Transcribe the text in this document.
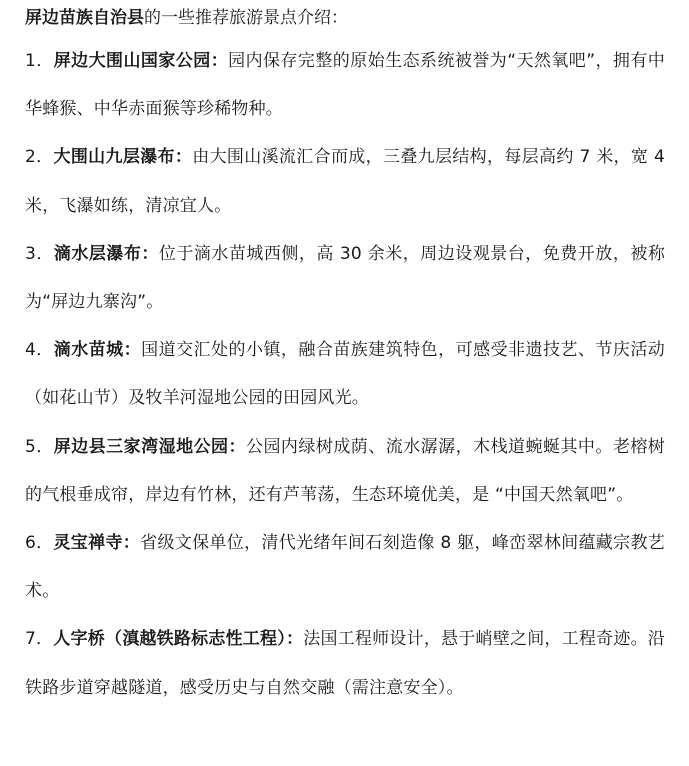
屏边苗族自治县的一些推荐旅游景点介绍：

1．屏边大围山国家公园：园内保存完整的原始生态系统被誉为“天然氧吧”，拥有中华蜂猴、中华赤面猴等珍稀物种。

2．大围山九层瀑布：由大围山溪流汇合而成，三叠九层结构，每层高约 7 米，宽 4 米，飞瀑如练，清凉宜人。

3．滴水层瀑布：位于滴水苗城西侧，高 30 余米，周边设观景台，免费开放，被称为“屏边九寨沟”。

4．滴水苗城：国道交汇处的小镇，融合苗族建筑特色，可感受非遗技艺、节庆活动（如花山节）及牧羊河湿地公园的田园风光。

5．屏边县三家湾湿地公园：公园内绿树成荫、流水潺潺，木栈道蜿蜒其中。老榕树的气根垂成帘，岸边有竹林，还有芦苇荡，生态环境优美，是 “中国天然氧吧”。

6．灵宝禅寺：省级文保单位，清代光绪年间石刻造像 8 躯，峰峦翠林间蕴藏宗教艺术。

7．人字桥（滇越铁路标志性工程）：法国工程师设计，悬于峭壁之间，工程奇迹。沿铁路步道穿越隧道，感受历史与自然交融（需注意安全）。
